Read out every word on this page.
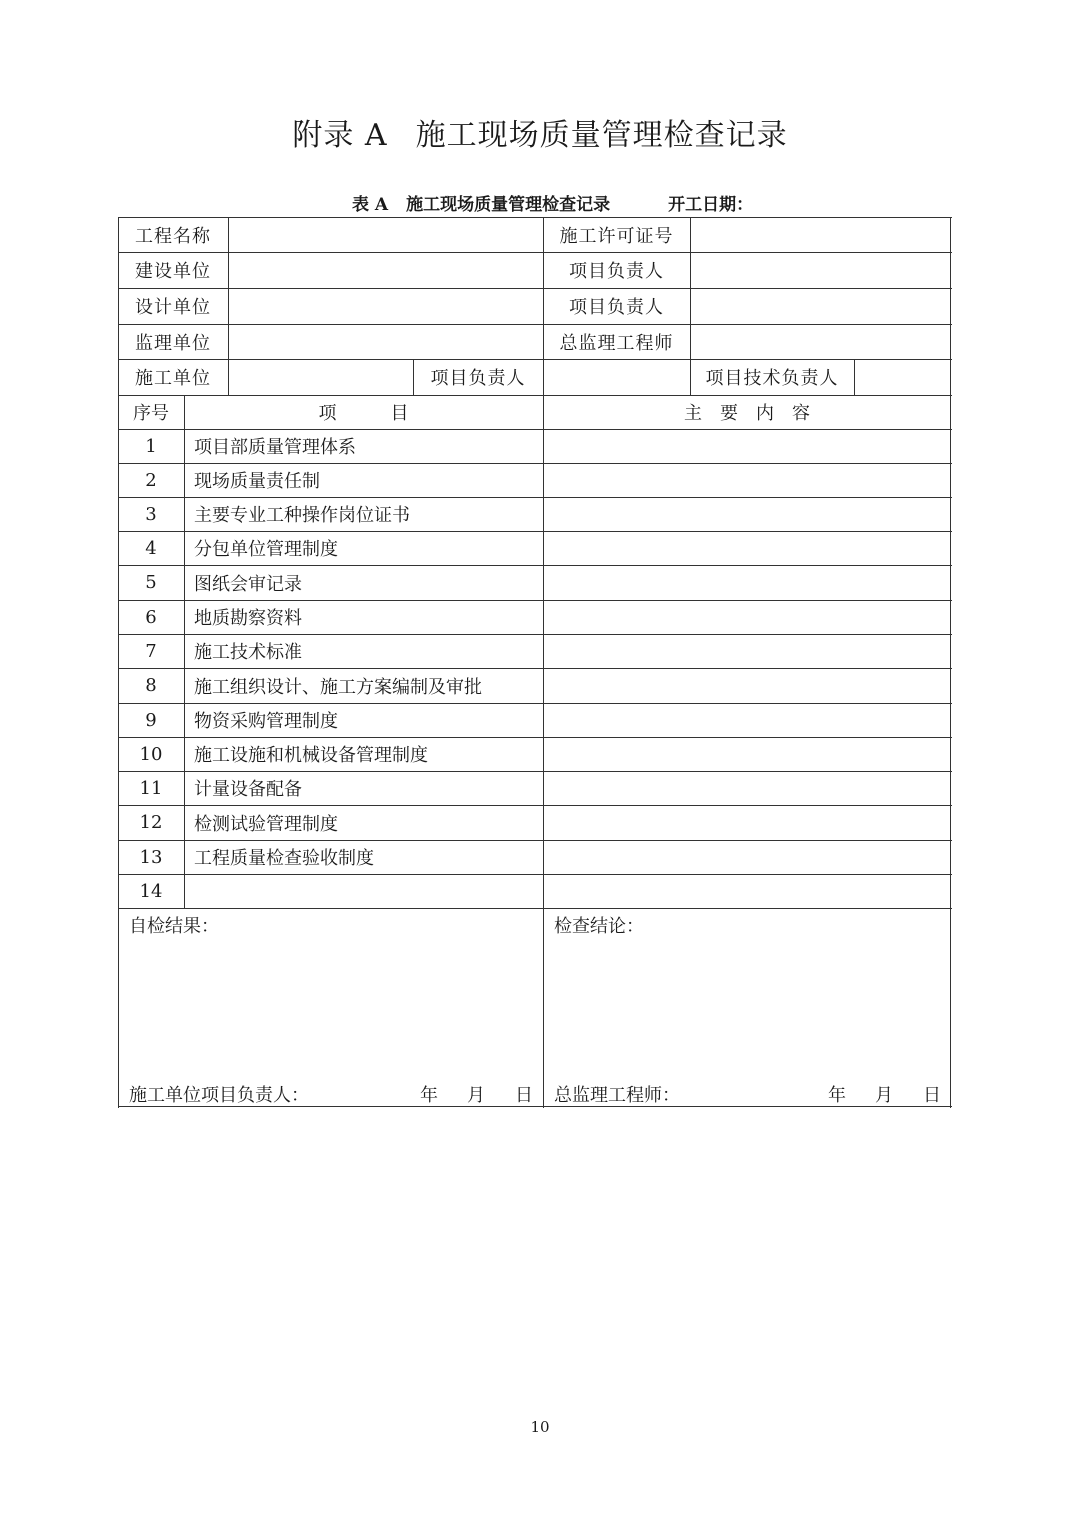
附录 A 施工现场质量管理检查记录
表 A 施工现场质量管理检查记录	开工日期：
工程名称	施工许可证号
建设单位	项目负责人
设计单位	项目负责人
监理单位	总监理工程师
施工单位	项目负责人	项目技术负责人
序号	项　　　目	主　要　内　容
1	项目部质量管理体系
2	现场质量责任制
3	主要专业工种操作岗位证书
4	分包单位管理制度
5	图纸会审记录
6	地质勘察资料
7	施工技术标准
8	施工组织设计、施工方案编制及审批
9	物资采购管理制度
10	施工设施和机械设备管理制度
11	计量设备配备
12	检测试验管理制度
13	工程质量检查验收制度
14
自检结果：
施工单位项目负责人：	年 月 日
检查结论：
总监理工程师：	年 月 日
10
